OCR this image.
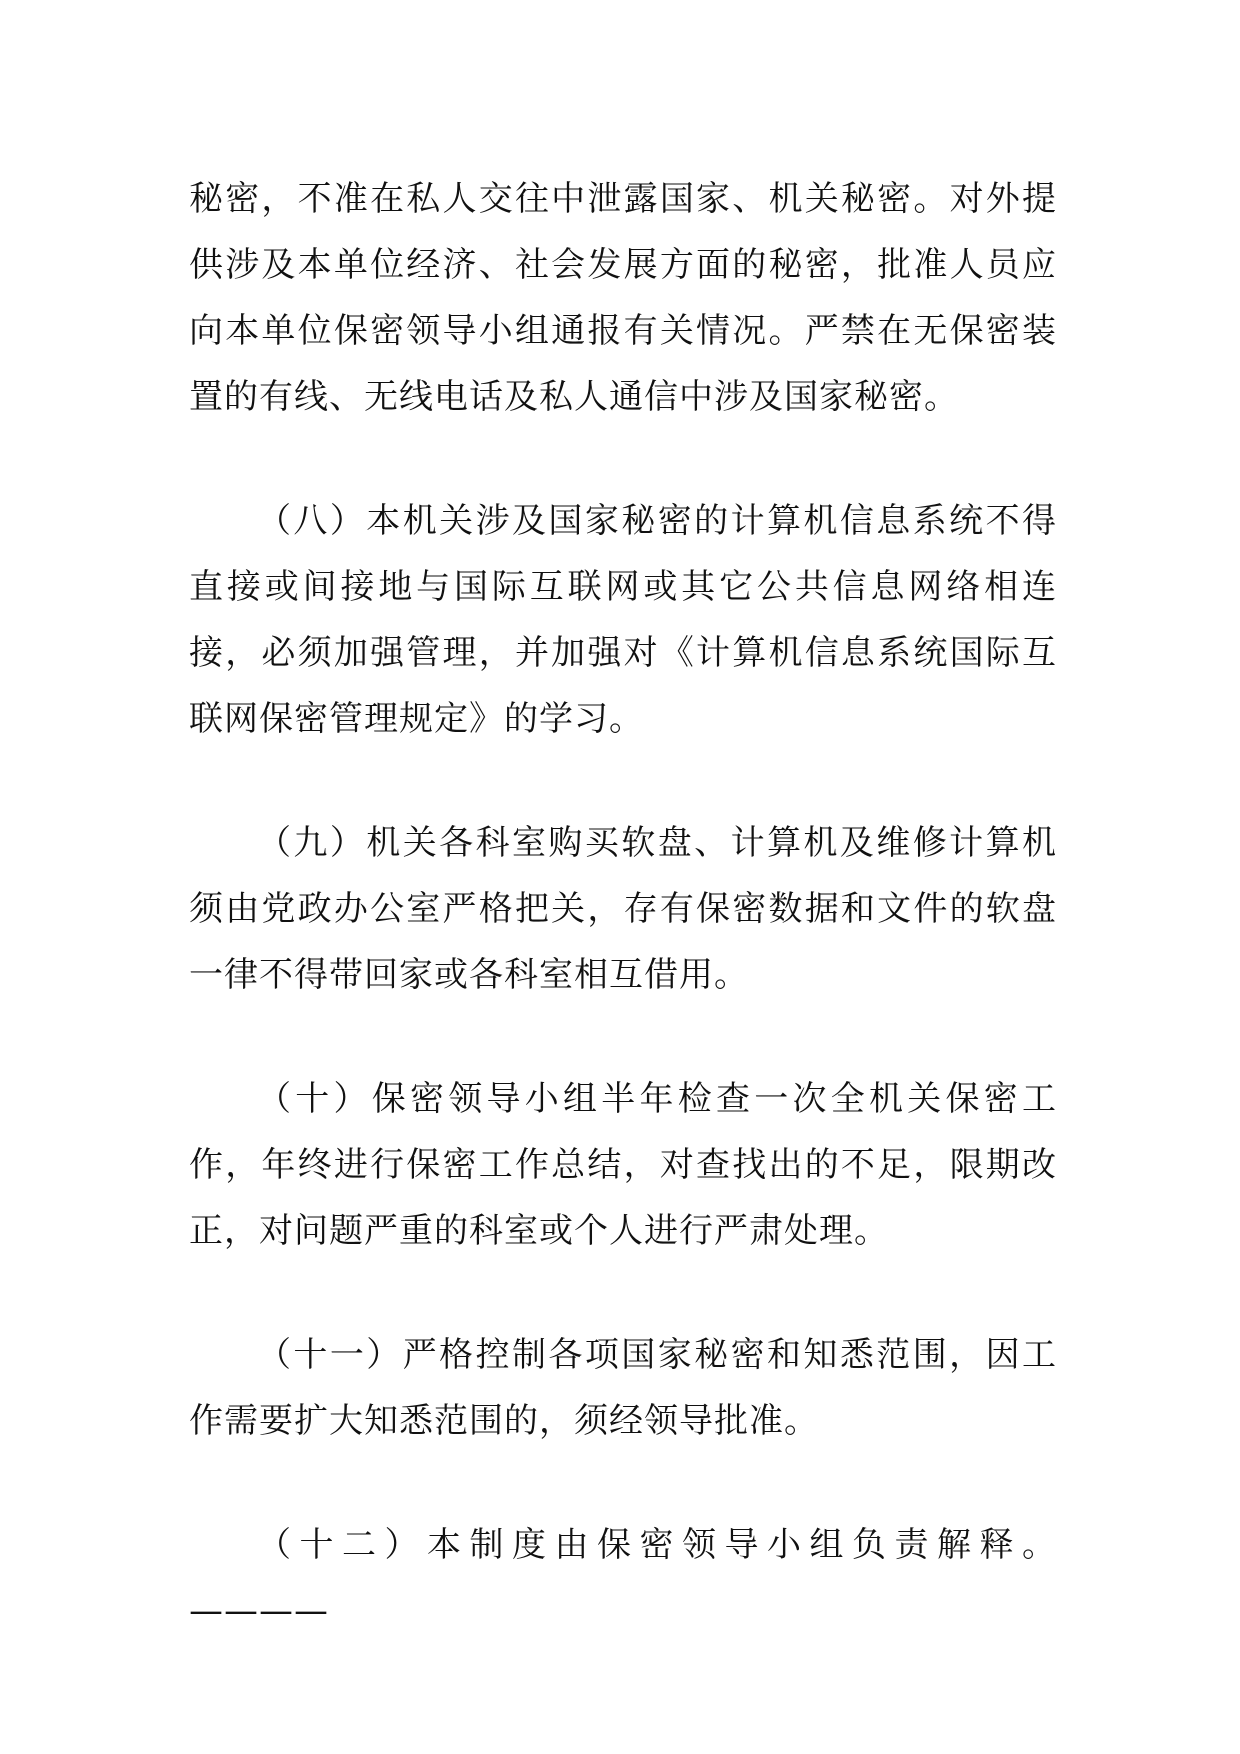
秘密，不准在私人交往中泄露国家、机关秘密。对外提供涉及本单位经济、社会发展方面的秘密，批准人员应向本单位保密领导小组通报有关情况。严禁在无保密装置的有线、无线电话及私人通信中涉及国家秘密。

（八）本机关涉及国家秘密的计算机信息系统不得直接或间接地与国际互联网或其它公共信息网络相连接，必须加强管理，并加强对《计算机信息系统国际互联网保密管理规定》的学习。

（九）机关各科室购买软盘、计算机及维修计算机须由党政办公室严格把关，存有保密数据和文件的软盘一律不得带回家或各科室相互借用。

（十）保密领导小组半年检查一次全机关保密工作，年终进行保密工作总结，对查找出的不足，限期改正，对问题严重的科室或个人进行严肃处理。

（十一）严格控制各项国家秘密和知悉范围，因工作需要扩大知悉范围的，须经领导批准。

（十二）本制度由保密领导小组负责解释。————
